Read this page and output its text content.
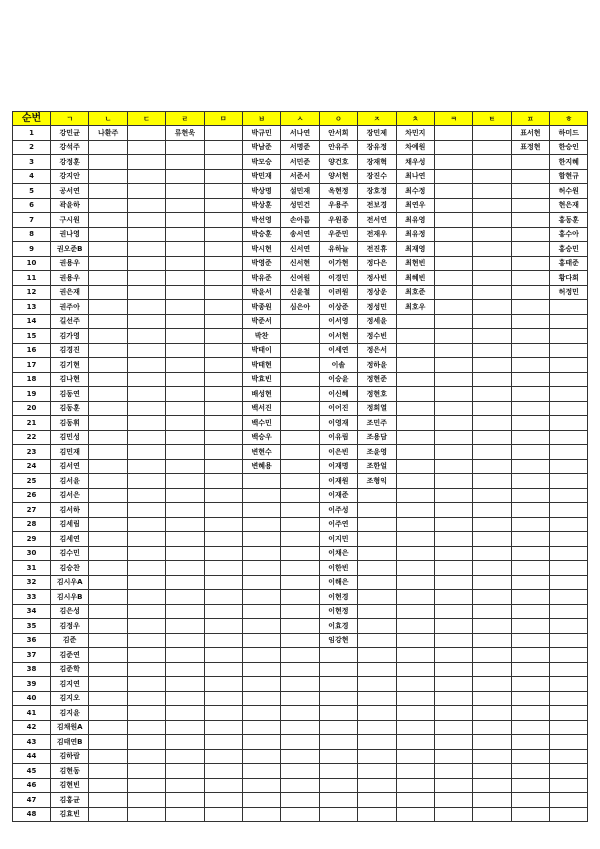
순번	ㄱ	ㄴ	ㄷ	ㄹ	ㅁ	ㅂ	ㅅ	ㅇ	ㅈ	ㅊ	ㅋ	ㅌ	ㅍ	ㅎ
1	강민균	나환주		류현욱		박규민	서나연	안서희	장민제	차민지			표서현	하미드
2	강석주					박남준	서명준	안유주	장유정	차예원			표정현	한승인
3	강정훈					박모승	서민준	양건호	장재혁	채우성				한지혜
4	강지안					박민재	서준서	양서현	장진수	최나연				함현규
5	공서연					박상명	설민재	옥현정	장호정	최수정				허수원
6	곽윤하					박상훈	성민건	우용주	전보경	최연우				현은재
7	구시원					박선영	손아름	우원종	전서연	최유영				홍동훈
8	권나영					박승훈	송서연	우준민	전재우	최유정				홍수아
9	권오준B					박시현	신서연	유하늘	전진휴	최재영				홍승민
10	권용우					박영준	신서현	이가현	정다은	최현빈				홍태준
11	권용우					박유준	신여원	이경민	정사빈	최혜빈				황다희
12	권은재					박윤서	신윤철	이려원	정상운	최호준				허정민
13	권주아					박종원	심은아	이상준	정성민	최호우				
14	길선주					박준서		이서영	정세윤					
15	김가영					박찬		이서현	정수빈					
16	김경진					박태이		이세연	정은서					
17	김기현					박태현		이솔	정하윤					
18	김나현					박효빈		이승윤	정현준					
19	김동연					배성현		이신혜	정현호					
20	김동훈					백서진		이어진	정희열					
21	김동휘					백수민		이영재	조민주					
22	김민성					백승우		이유림	조용담					
23	김민재					변현수		이은빈	조윤영					
24	김서연					변혜용		이재명	조한얼					
25	김서윤							이재원	조형익					
26	김서은							이재준						
27	김서하							이주성						
28	김세림							이주연						
29	김세연							이지민						
30	김수민							이채은						
31	김승찬							이한빈						
32	김시우A							이해은						
33	김시우B							이현경						
34	김은성							이현정						
35	김정우							이효경						
36	김준							임강현						
37	김준연													
38	김준학													
39	김지연													
40	김지오													
41	김지윤													
42	김채원A													
43	김태연B													
44	김하람													
45	김현동													
46	김현빈													
47	김홍균													
48	김효빈													
